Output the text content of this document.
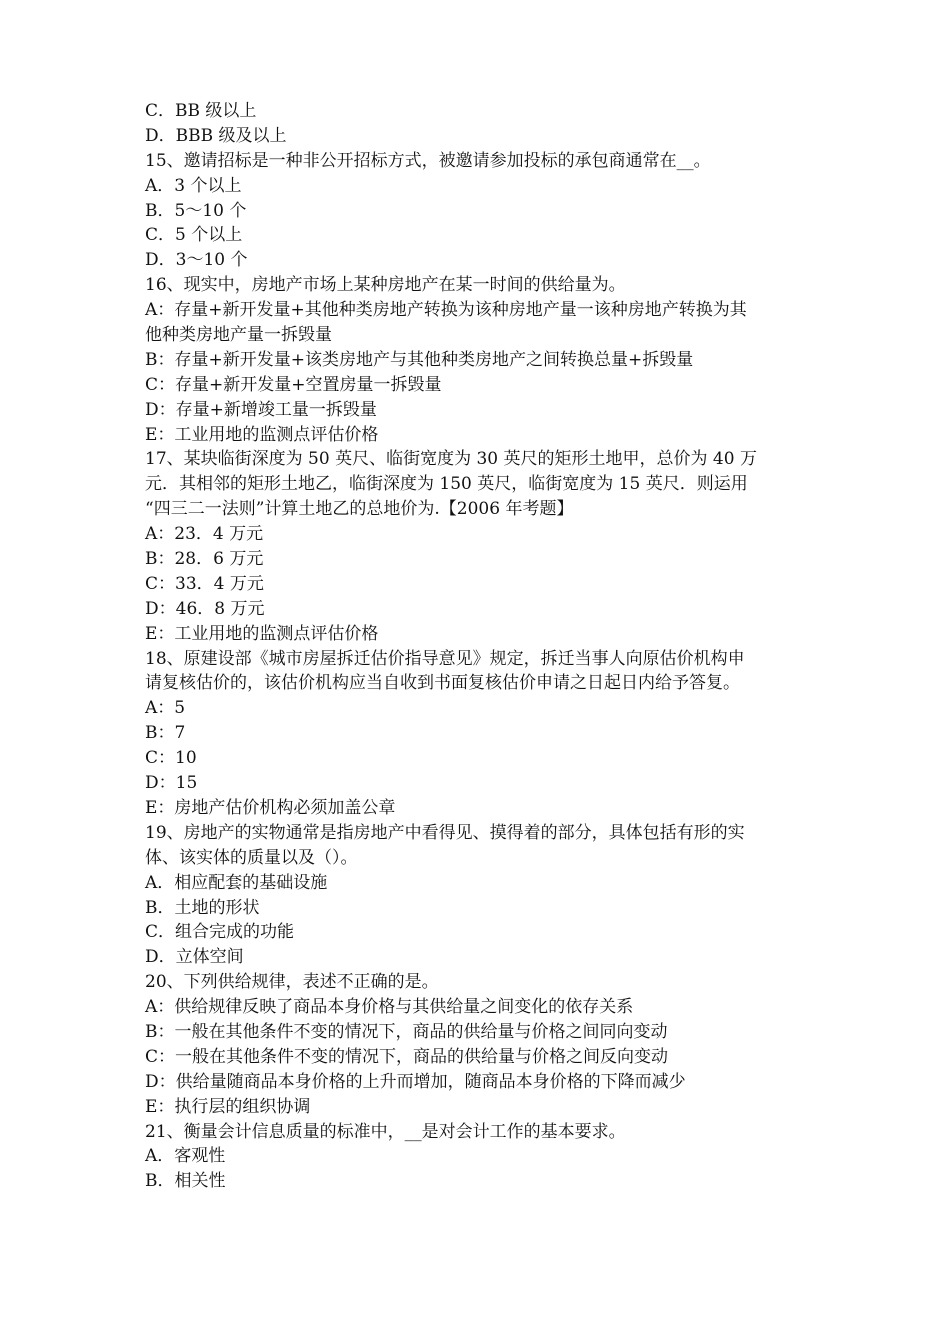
C．BB 级以上
D．BBB 级及以上
15、邀请招标是一种非公开招标方式，被邀请参加投标的承包商通常在__。
A．3 个以上
B．5～10 个
C．5 个以上
D．3～10 个
16、现实中，房地产市场上某种房地产在某一时间的供给量为。
A：存量+新开发量+其他种类房地产转换为该种房地产量一该种房地产转换为其
他种类房地产量一拆毁量
B：存量+新开发量+该类房地产与其他种类房地产之间转换总量+拆毁量
C：存量+新开发量+空置房量一拆毁量
D：存量+新增竣工量一拆毁量
E：工业用地的监测点评估价格
17、某块临街深度为 50 英尺、临街宽度为 30 英尺的矩形土地甲，总价为 40 万
元．其相邻的矩形土地乙，临街深度为 150 英尺，临街宽度为 15 英尺．则运用
“四三二一法则”计算土地乙的总地价为.【2006 年考题】
A：23．4 万元
B：28．6 万元
C：33．4 万元
D：46．8 万元
E：工业用地的监测点评估价格
18、原建设部《城市房屋拆迁估价指导意见》规定，拆迁当事人向原估价机构申
请复核估价的，该估价机构应当自收到书面复核估价申请之日起日内给予答复。
A：5
B：7
C：10
D：15
E：房地产估价机构必须加盖公章
19、房地产的实物通常是指房地产中看得见、摸得着的部分，具体包括有形的实
体、该实体的质量以及（）。
A．相应配套的基础设施
B．土地的形状
C．组合完成的功能
D．立体空间
20、下列供给规律，表述不正确的是。
A：供给规律反映了商品本身价格与其供给量之间变化的依存关系
B：一般在其他条件不变的情况下，商品的供给量与价格之间同向变动
C：一般在其他条件不变的情况下，商品的供给量与价格之间反向变动
D：供给量随商品本身价格的上升而增加，随商品本身价格的下降而减少
E：执行层的组织协调
21、衡量会计信息质量的标准中，__是对会计工作的基本要求。
A．客观性
B．相关性
